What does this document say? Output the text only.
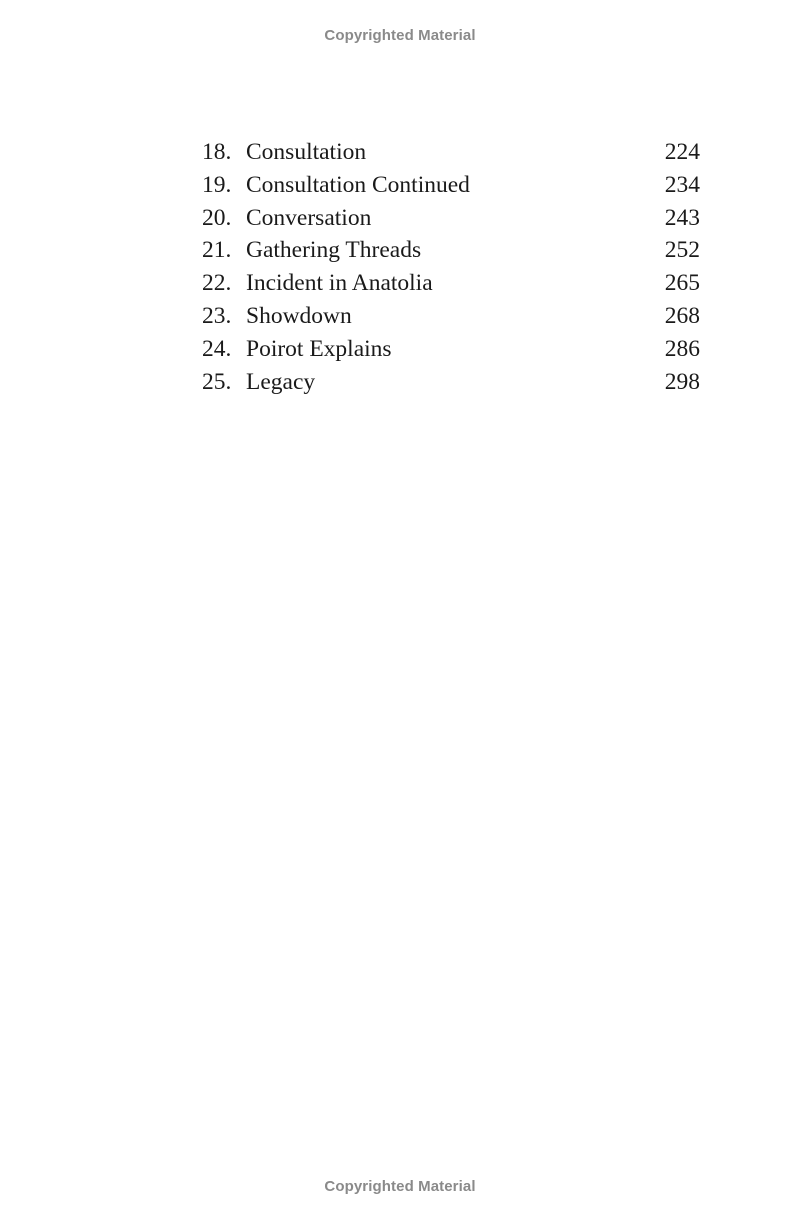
Copyrighted Material
18. Consultation	224
19. Consultation Continued	234
20. Conversation	243
21. Gathering Threads	252
22. Incident in Anatolia	265
23. Showdown	268
24. Poirot Explains	286
25. Legacy	298
Copyrighted Material
